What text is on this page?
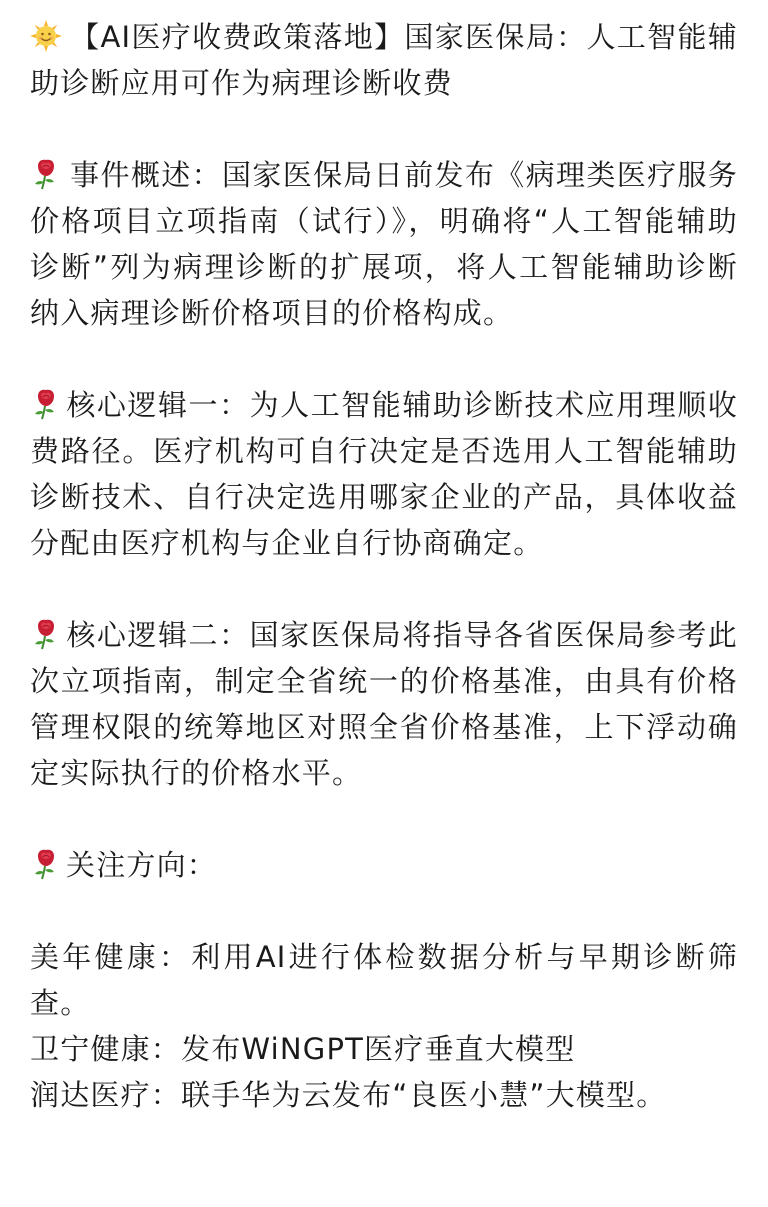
【AI医疗收费政策落地】国家医保局：人工智能辅助诊断应用可作为病理诊断收费

事件概述：国家医保局日前发布《病理类医疗服务价格项目立项指南（试行）》，明确将“人工智能辅助诊断”列为病理诊断的扩展项，将人工智能辅助诊断纳入病理诊断价格项目的价格构成。

核心逻辑一：为人工智能辅助诊断技术应用理顺收费路径。医疗机构可自行决定是否选用人工智能辅助诊断技术、自行决定选用哪家企业的产品，具体收益分配由医疗机构与企业自行协商确定。

核心逻辑二：国家医保局将指导各省医保局参考此次立项指南，制定全省统一的价格基准，由具有价格管理权限的统筹地区对照全省价格基准，上下浮动确定实际执行的价格水平。

关注方向：

美年健康：利用AI进行体检数据分析与早期诊断筛查。

卫宁健康：发布WiNGPT医疗垂直大模型

润达医疗：联手华为云发布“良医小慧”大模型。
